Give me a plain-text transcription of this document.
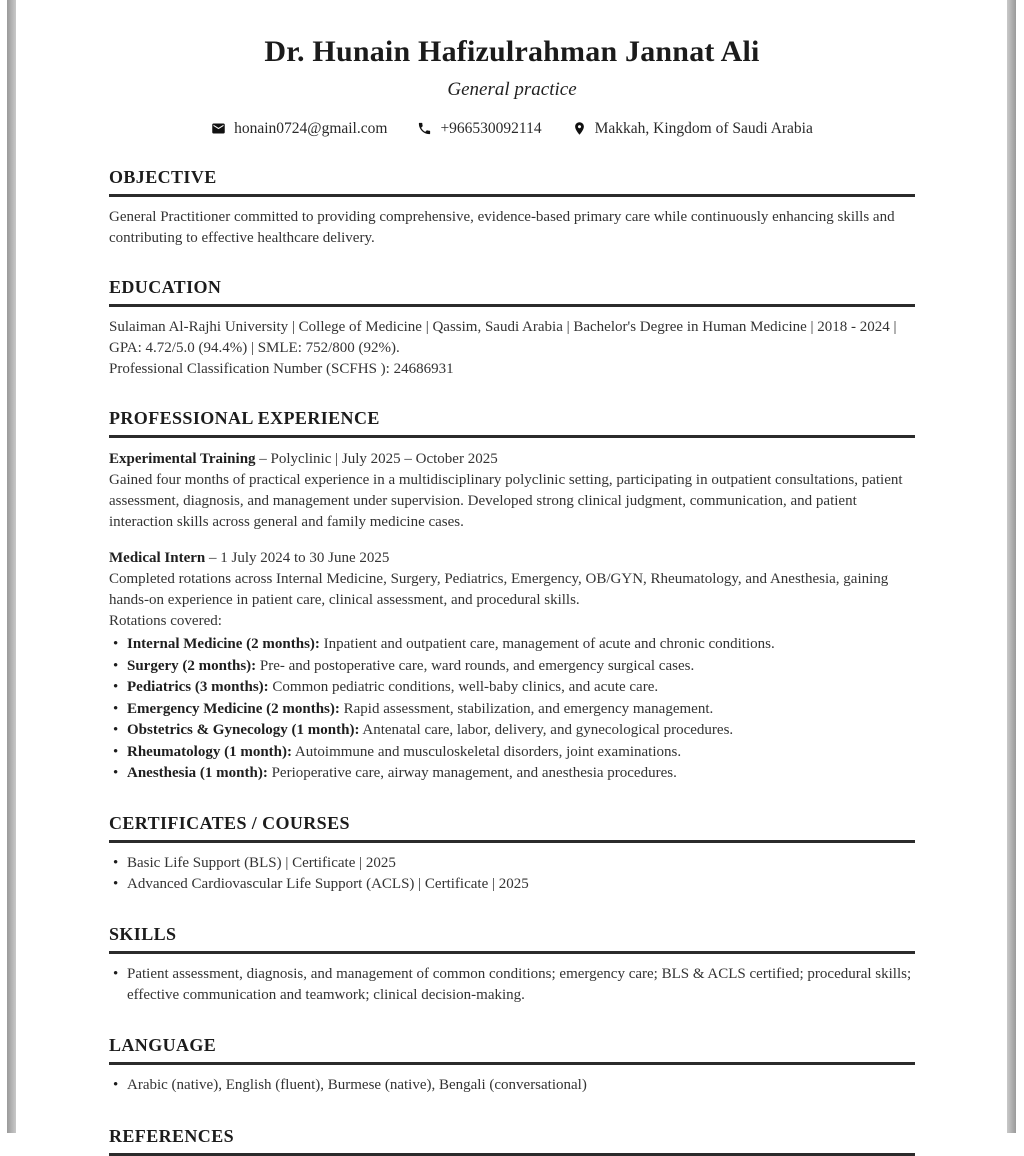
Dr. Hunain Hafizulrahman Jannat Ali
General practice
honain0724@gmail.com	+966530092114	Makkah, Kingdom of Saudi Arabia
OBJECTIVE

General Practitioner committed to providing comprehensive, evidence-based primary care while continuously enhancing skills and contributing to effective healthcare delivery.

EDUCATION
Sulaiman Al-Rajhi University | College of Medicine | Qassim, Saudi Arabia | Bachelor's Degree in Human Medicine | 2018 - 2024 |
GPA: 4.72/5.0 (94.4%) | SMLE: 752/800 (92%).
Professional Classification Number (SCFHS ): 24686931
PROFESSIONAL EXPERIENCE
Experimental Training – Polyclinic | July 2025 – October 2025
Gained four months of practical experience in a multidisciplinary polyclinic setting, participating in outpatient consultations, patient assessment, diagnosis, and management under supervision. Developed strong clinical judgment, communication, and patient interaction skills across general and family medicine cases.
Medical Intern – 1 July 2024 to 30 June 2025
Completed rotations across Internal Medicine, Surgery, Pediatrics, Emergency, OB/GYN, Rheumatology, and Anesthesia, gaining hands-on experience in patient care, clinical assessment, and procedural skills.
Rotations covered:
• Internal Medicine (2 months): Inpatient and outpatient care, management of acute and chronic conditions.
• Surgery (2 months): Pre- and postoperative care, ward rounds, and emergency surgical cases.
• Pediatrics (3 months): Common pediatric conditions, well-baby clinics, and acute care.
• Emergency Medicine (2 months): Rapid assessment, stabilization, and emergency management.
• Obstetrics & Gynecology (1 month): Antenatal care, labor, delivery, and gynecological procedures.
• Rheumatology (1 month): Autoimmune and musculoskeletal disorders, joint examinations.
• Anesthesia (1 month): Perioperative care, airway management, and anesthesia procedures.
CERTIFICATES / COURSES
• Basic Life Support (BLS) | Certificate | 2025
• Advanced Cardiovascular Life Support (ACLS) | Certificate | 2025
SKILLS
• Patient assessment, diagnosis, and management of common conditions; emergency care; BLS & ACLS certified; procedural skills; effective communication and teamwork; clinical decision-making.
LANGUAGE
• Arabic (native), English (fluent), Burmese (native), Bengali (conversational)
REFERENCES
